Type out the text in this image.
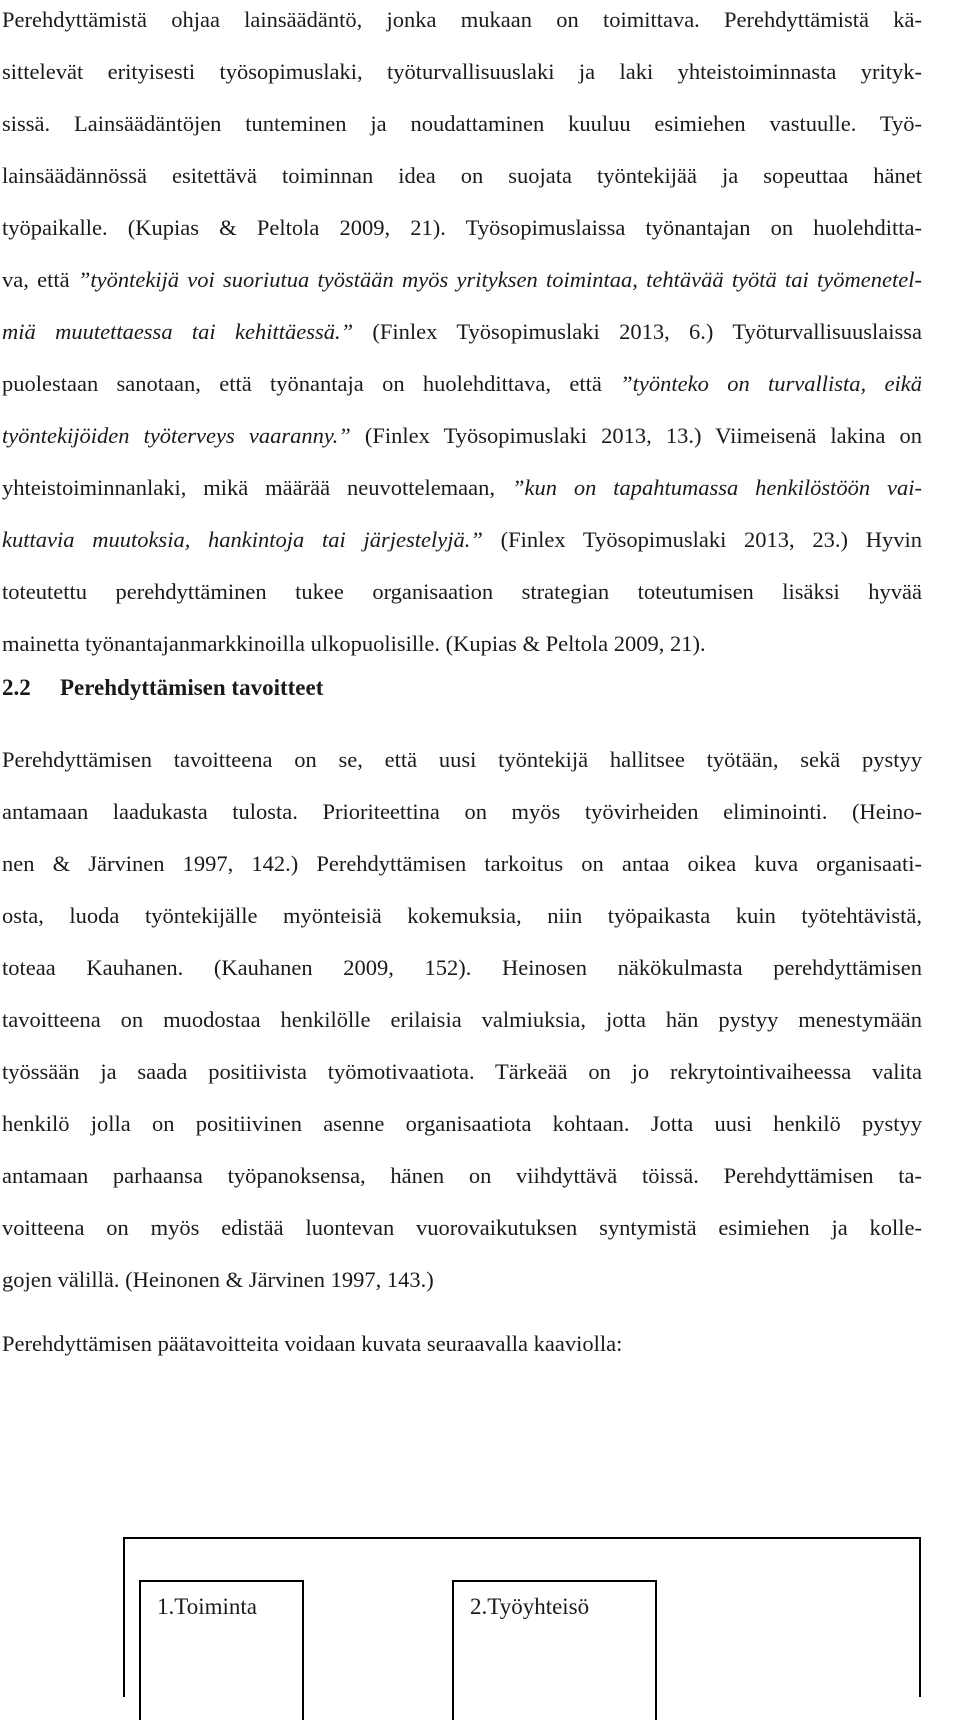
Perehdyttämistä ohjaa lainsäädäntö, jonka mukaan on toimittava. Perehdyttämistä kä-
sittelevät erityisesti työsopimuslaki, työturvallisuuslaki ja laki yhteistoiminnasta yrityk-
sissä. Lainsäädäntöjen tunteminen ja noudattaminen kuuluu esimiehen vastuulle. Työ-
lainsäädännössä esitettävä toiminnan idea on suojata työntekijää ja sopeuttaa hänet
työpaikalle. (Kupias & Peltola 2009, 21). Työsopimuslaissa työnantajan on huolehditta-
va, että ”työntekijä voi suoriutua työstään myös yrityksen toimintaa, tehtävää työtä tai työmenetel-
miä muutettaessa tai kehittäessä.” (Finlex Työsopimuslaki 2013, 6.) Työturvallisuuslaissa
puolestaan sanotaan, että työnantaja on huolehdittava, että ”työnteko on turvallista, eikä
työntekijöiden työterveys vaaranny.” (Finlex Työsopimuslaki 2013, 13.) Viimeisenä lakina on
yhteistoiminnanlaki, mikä määrää neuvottelemaan, ”kun on tapahtumassa henkilöstöön vai-
kuttavia muutoksia, hankintoja tai järjestelyjä.” (Finlex Työsopimuslaki 2013, 23.) Hyvin
toteutettu perehdyttäminen tukee organisaation strategian toteutumisen lisäksi hyvää
mainetta työnantajanmarkkinoilla ulkopuolisille. (Kupias & Peltola 2009, 21).
2.2 Perehdyttämisen tavoitteet
Perehdyttämisen tavoitteena on se, että uusi työntekijä hallitsee työtään, sekä pystyy
antamaan laadukasta tulosta. Prioriteettina on myös työvirheiden eliminointi. (Heino-
nen & Järvinen 1997, 142.) Perehdyttämisen tarkoitus on antaa oikea kuva organisaati-
osta, luoda työntekijälle myönteisiä kokemuksia, niin työpaikasta kuin työtehtävistä,
toteaa Kauhanen. (Kauhanen 2009, 152). Heinosen näkökulmasta perehdyttämisen
tavoitteena on muodostaa henkilölle erilaisia valmiuksia, jotta hän pystyy menestymään
työssään ja saada positiivista työmotivaatiota. Tärkeää on jo rekrytointivaiheessa valita
henkilö jolla on positiivinen asenne organisaatiota kohtaan. Jotta uusi henkilö pystyy
antamaan parhaansa työpanoksensa, hänen on viihdyttävä töissä. Perehdyttämisen ta-
voitteena on myös edistää luontevan vuorovaikutuksen syntymistä esimiehen ja kolle-
gojen välillä. (Heinonen & Järvinen 1997, 143.)
Perehdyttämisen päätavoitteita voidaan kuvata seuraavalla kaaviolla:
1.Toiminta	2.Työyhteisö
